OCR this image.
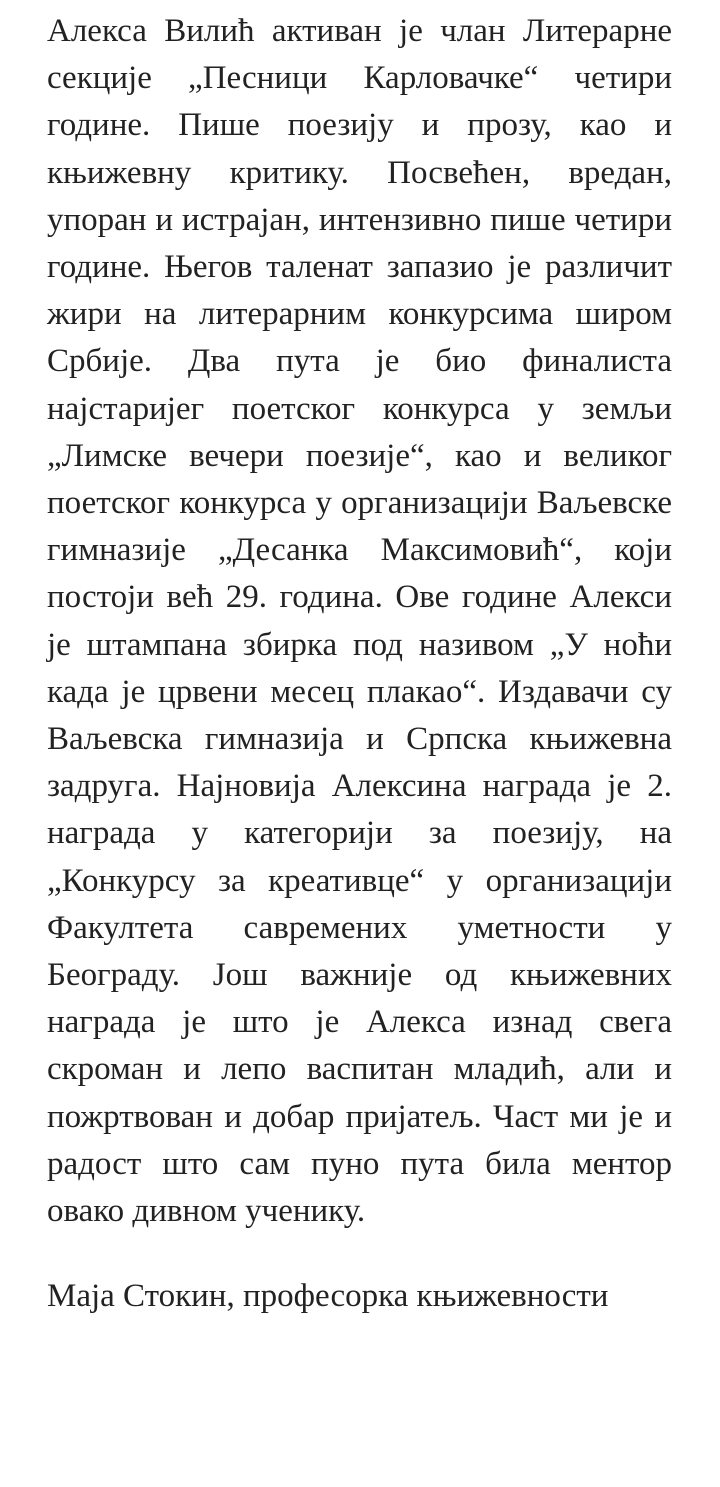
Алекса Вилић активан је члан Литерарне секције „Песници Карловачке“ четири године. Пише поезију и прозу, као и књижевну критику. Посвећен, вредан, упоран и истрајан, интензивно пише четири године. Његов таленат запазио је различит жири на литерарним конкурсима широм Србије. Два пута је био финалиста најстаријег поетског конкурса у земљи „Лимске вечери поезије“, као и великог поетског конкурса у организацији Ваљевске гимназије „Десанка Максимовић“, који постоји већ 29. година. Ове године Алекси је штампана збирка под називом „У ноћи када је црвени месец плакао“. Издавачи су Ваљевска гимназија и Српска књижевна задруга. Најновија Алексина награда је 2. награда у категорији за поезију, на „Конкурсу за креативце“ у организацији Факултета савремених уметности у Београду. Још важније од књижевних награда је што је Алекса изнад свега скроман и лепо васпитан младић, али и пожртвован и добар пријатељ. Част ми је и радост што сам пуно пута била ментор овако дивном ученику.

Маја Стокин, професорка књижевности
